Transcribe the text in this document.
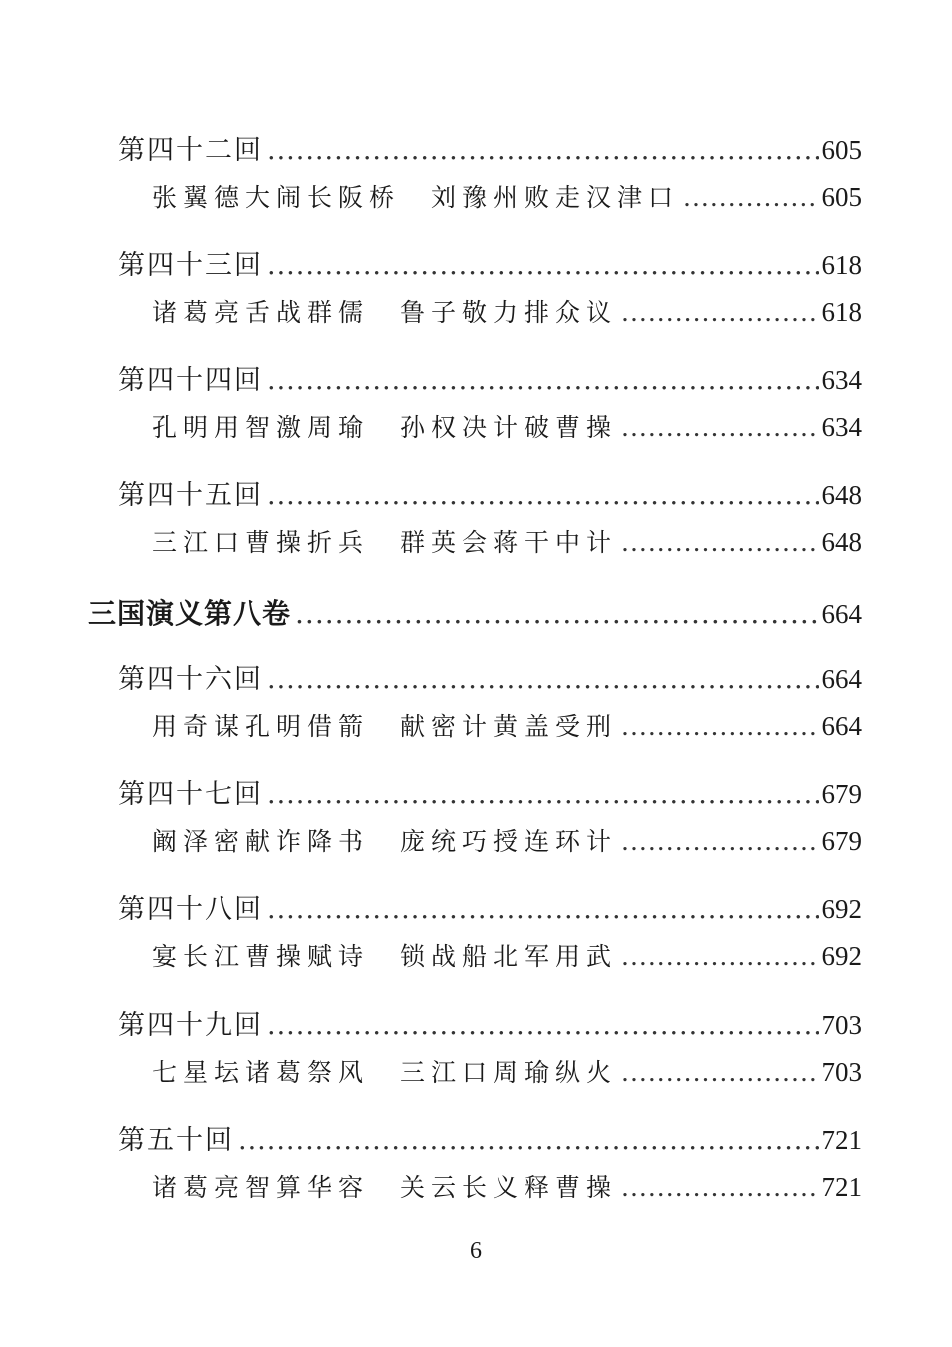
第四十二回 .....	605
张翼德大闹长阪桥　刘豫州败走汉津口 .....	605
第四十三回 .....	618
诸葛亮舌战群儒　鲁子敬力排众议 .....	618
第四十四回 .....	634
孔明用智激周瑜　孙权决计破曹操 .....	634
第四十五回 .....	648
三江口曹操折兵　群英会蒋干中计 .....	648
三国演义第八卷 .....	664
第四十六回 .....	664
用奇谋孔明借箭　献密计黄盖受刑 .....	664
第四十七回 .....	679
阚泽密献诈降书　庞统巧授连环计 .....	679
第四十八回 .....	692
宴长江曹操赋诗　锁战船北军用武 .....	692
第四十九回 .....	703
七星坛诸葛祭风　三江口周瑜纵火 .....	703
第五十回 .....	721
诸葛亮智算华容　关云长义释曹操 .....	721
6
